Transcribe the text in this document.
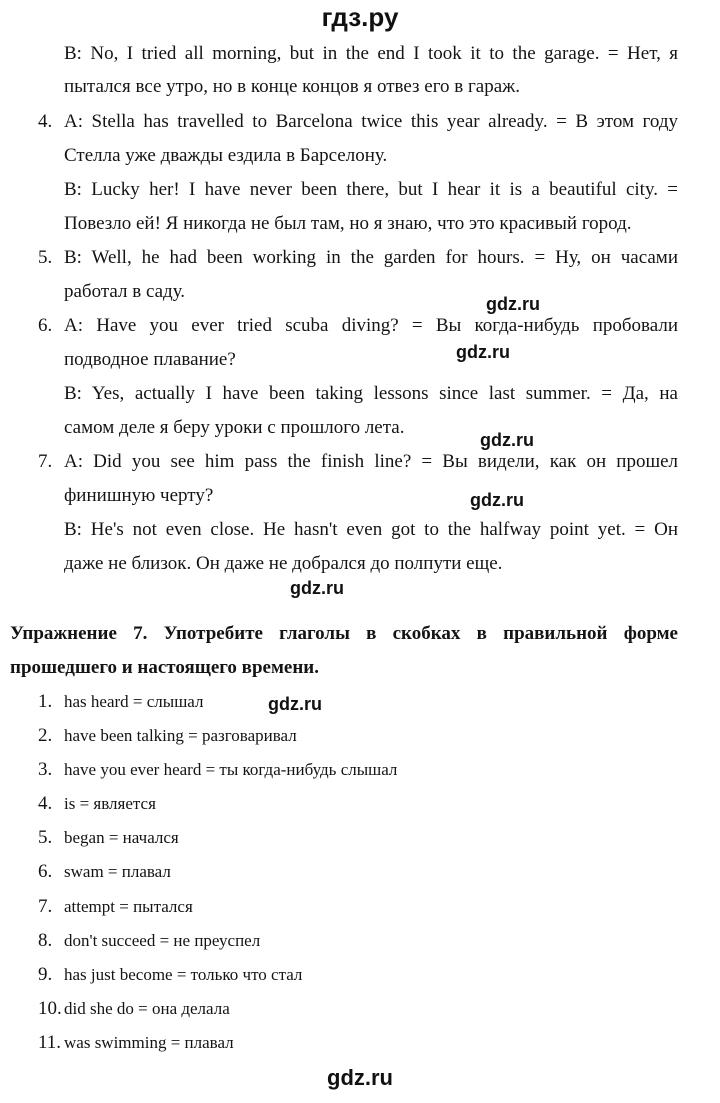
гдз.ру
B: No, I tried all morning, but in the end I took it to the garage. = Нет, я
пытался все утро, но в конце концов я отвез его в гараж.
4. A: Stella has travelled to Barcelona twice this year already. = В этом году
Стелла уже дважды ездила в Барселону.
B: Lucky her! I have never been there, but I hear it is a beautiful city. =
Повезло ей! Я никогда не был там, но я знаю, что это красивый город.
5. B: Well, he had been working in the garden for hours. = Ну, он часами
работал в саду.
gdz.ru
6. A: Have you ever tried scuba diving? = Вы когда-нибудь пробовали
подводное плавание?	gdz.ru
B: Yes, actually I have been taking lessons since last summer. = Да, на
самом деле я беру уроки с прошлого лета.
gdz.ru
7. A: Did you see him pass the finish line? = Вы видели, как он прошел
финишную черту?	gdz.ru
B: He's not even close. He hasn't even got to the halfway point yet. = Он
даже не близок. Он даже не добрался до полпути еще.
gdz.ru
Упражнение 7. Употребите глаголы в скобках в правильной форме
прошедшего и настоящего времени.
1. has heard = слышал	gdz.ru
2. have been talking = разговаривал
3. have you ever heard = ты когда-нибудь слышал
4. is = является
5. began = начался
6. swam = плавал
7. attempt = пытался
8. don't succeed = не преуспел
9. has just become = только что стал
10. did she do = она делала
11. was swimming = плавал
gdz.ru
